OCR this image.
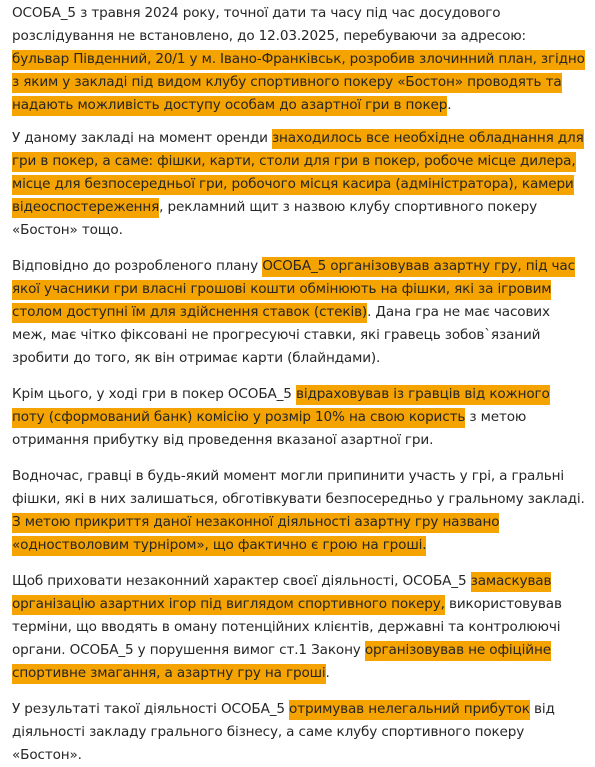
ОСОБА_5 з травня 2024 року, точної дати та часу під час досудового розслідування не встановлено, до 12.03.2025, перебуваючи за адресою: бульвар Південний, 20/1 у м. Івано-Франківськ, розробив злочинний план, згідно з яким у закладі під видом клубу спортивного покеру «Бостон» проводять та надають можливість доступу особам до азартної гри в покер.

У даному закладі на момент оренди знаходилось все необхідне обладнання для гри в покер, а саме: фішки, карти, столи для гри в покер, робоче місце дилера, місце для безпосередньої гри, робочого місця касира (адміністратора), камери відеоспостереження, рекламний щит з назвою клубу спортивного покеру «Бостон» тощо.

Відповідно до розробленого плану ОСОБА_5 організовував азартну гру, під час якої учасники гри власні грошові кошти обмінюють на фішки, які за ігровим столом доступні їм для здійснення ставок (стеків). Дана гра не має часових меж, має чітко фіксовані не прогресуючі ставки, які гравець зобов`язаний зробити до того, як він отримає карти (блайндами).

Крім цього, у ході гри в покер ОСОБА_5 відраховував із гравців від кожного поту (сформований банк) комісію у розмір 10% на свою користь з метою отримання прибутку від проведення вказаної азартної гри.

Водночас, гравці в будь-який момент могли припинити участь у грі, а гральні фішки, які в них залишаться, обготівкувати безпосередньо у гральному закладі. З метою прикриття даної незаконної діяльності азартну гру названо «одностволовим турніром», що фактично є грою на гроші.

Щоб приховати незаконний характер своєї діяльності, ОСОБА_5 замаскував організацію азартних ігор під виглядом спортивного покеру, використовував терміни, що вводять в оману потенційних клієнтів, державні та контролюючі органи. ОСОБА_5 у порушення вимог ст.1 Закону організовував не офіційне спортивне змагання, а азартну гру на гроші.

У результаті такої діяльності ОСОБА_5 отримував нелегальний прибуток від діяльності закладу грального бізнесу, а саме клубу спортивного покеру «Бостон».
